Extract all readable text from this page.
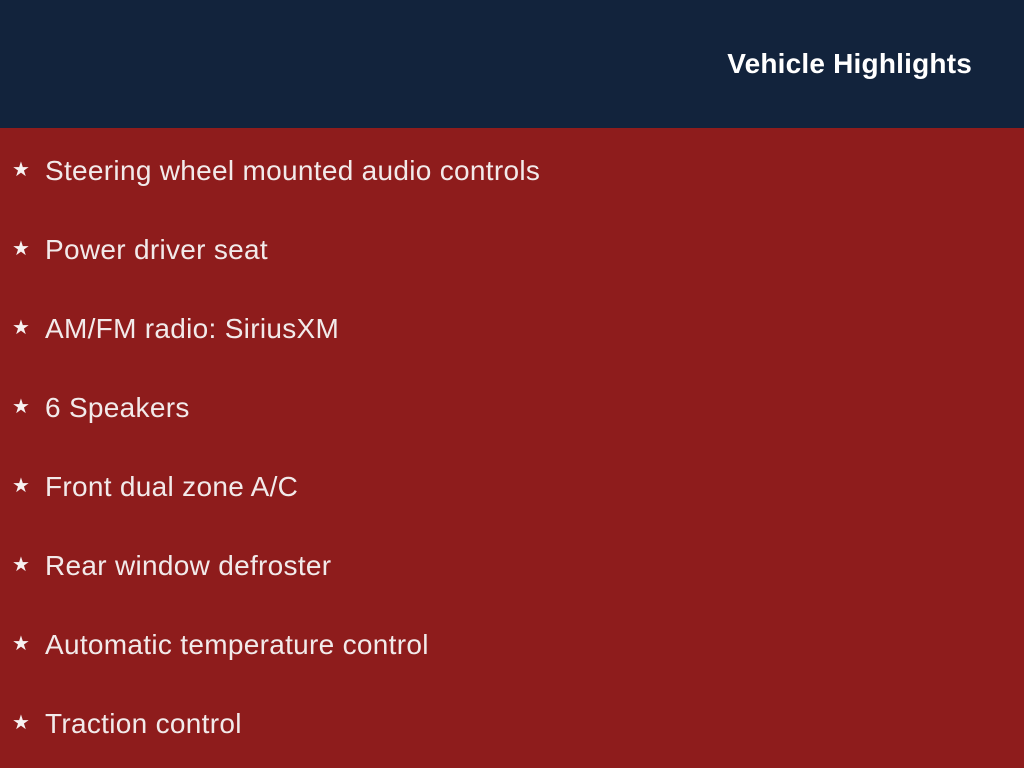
Vehicle Highlights
★ Steering wheel mounted audio controls
★ Power driver seat
★ AM/FM radio: SiriusXM
★ 6 Speakers
★ Front dual zone A/C
★ Rear window defroster
★ Automatic temperature control
★ Traction control
